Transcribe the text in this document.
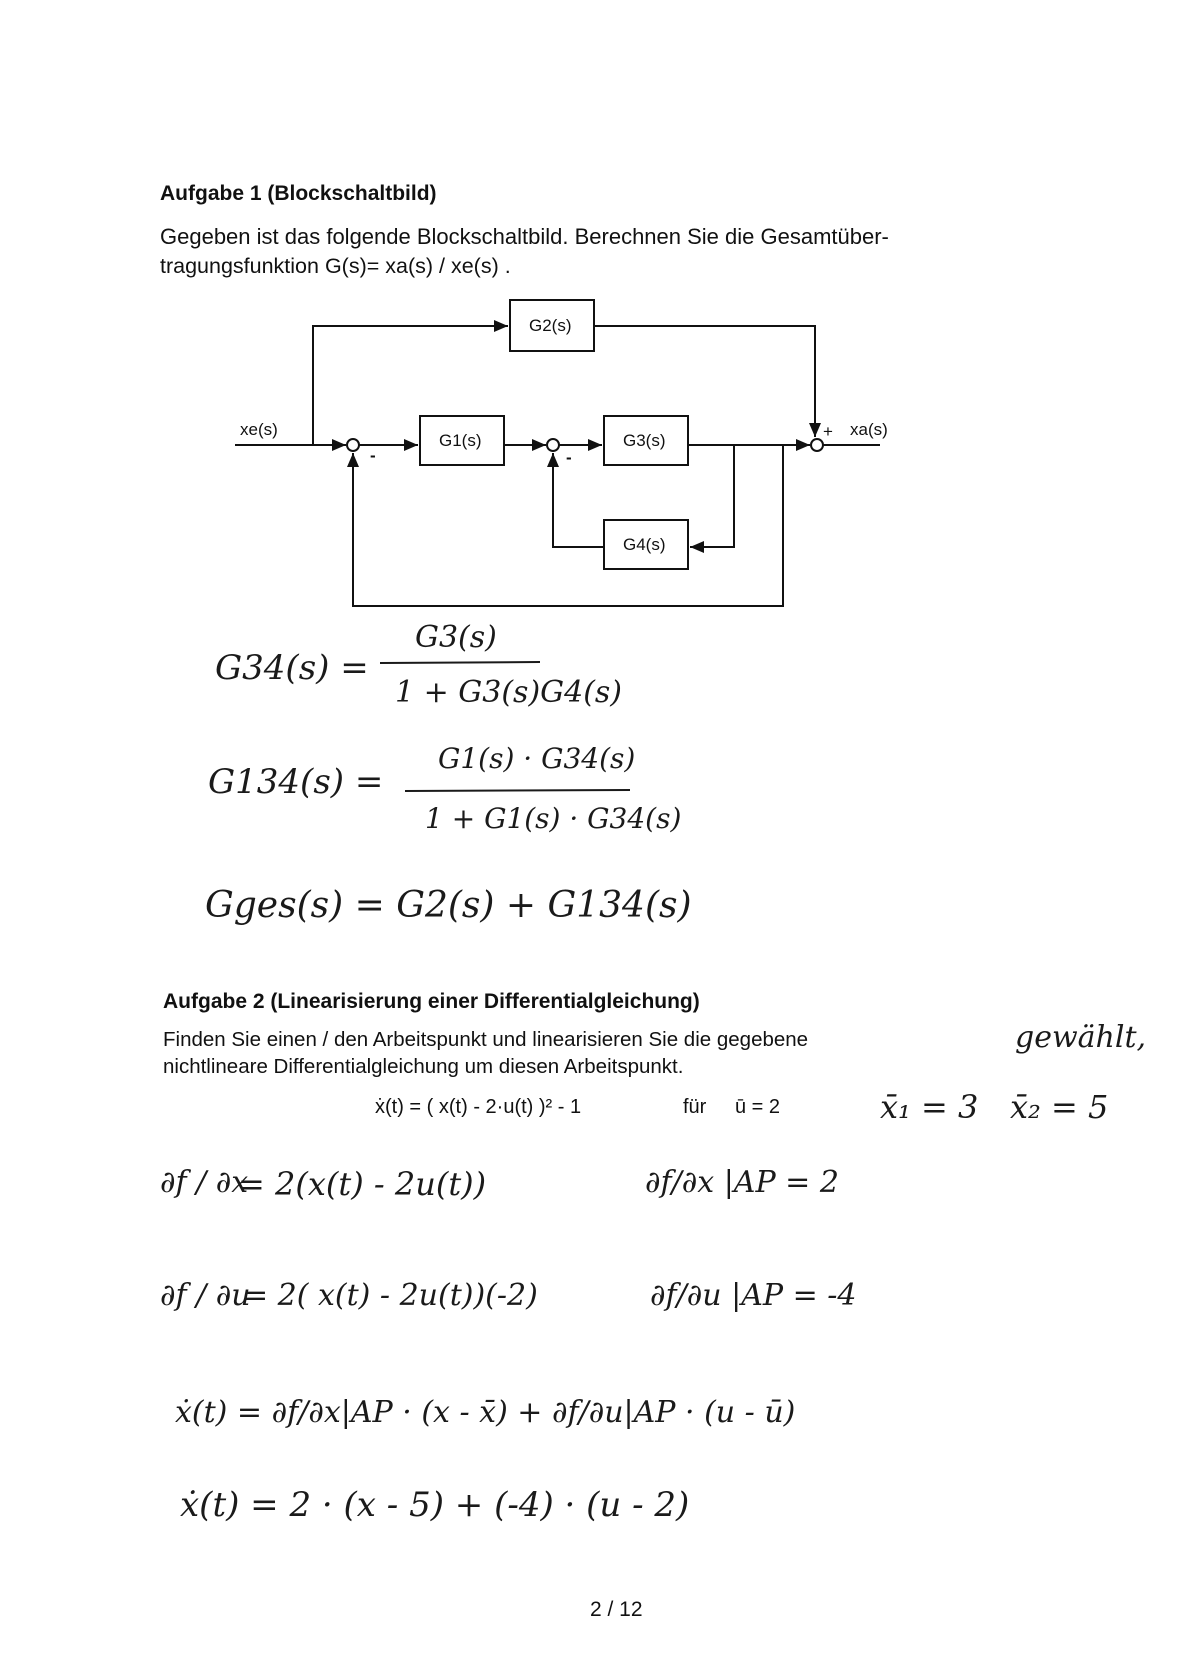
Aufgabe 1 (Blockschaltbild)
Gegeben ist das folgende Blockschaltbild. Berechnen Sie die Gesamtüber-
tragungsfunktion G(s)= xa(s) / xe(s) .
xe(s)	xa(s)
G2(s)
G1(s)	G3(s)
G4(s)
-	-
+
G34(s) =
G3(s)
1 + G3(s)G4(s)
G134(s) =
G1(s) · G34(s)
1 + G1(s) · G34(s)
Gges(s) = G2(s) + G134(s)
Aufgabe 2 (Linearisierung einer Differentialgleichung)
Finden Sie einen / den Arbeitspunkt und linearisieren Sie die gegebene
nichtlineare Differentialgleichung um diesen Arbeitspunkt.
ẋ(t) = ( x(t) - 2·u(t) )² - 1	für ū = 2
gewählt,
x̄₁ = 3 x̄₂ = 5
∂f / ∂x
= 2(x(t) - 2u(t))	∂f/∂x |AP = 2
∂f / ∂u
= 2( x(t) - 2u(t))(-2)	∂f/∂u |AP = -4
ẋ(t) = ∂f/∂x|AP · (x - x̄) + ∂f/∂u|AP · (u - ū)
ẋ(t) = 2 · (x - 5) + (-4) · (u - 2)
2 / 12
